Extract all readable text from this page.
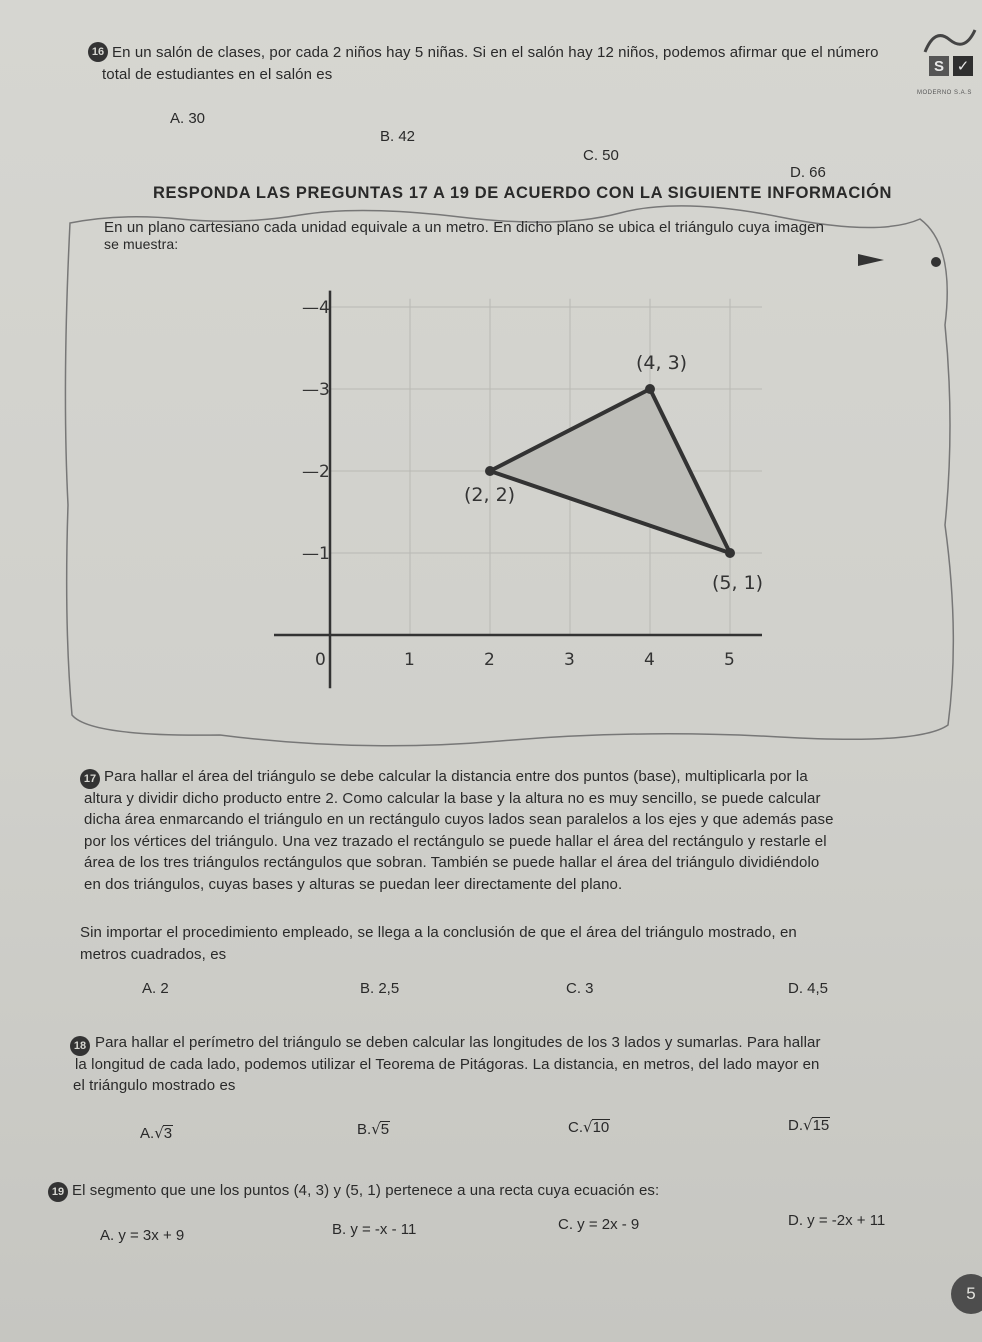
S ✓
MODERNO S.A.S
16 En un salón de clases, por cada 2 niños hay 5 niñas. Si en el salón hay 12 niños, podemos afirmar que el número
total de estudiantes en el salón es
A. 30
B. 42
C. 50
D. 66
RESPONDA LAS PREGUNTAS 17 A 19 DE ACUERDO CON LA SIGUIENTE INFORMACIÓN
En un plano cartesiano cada unidad equivale a un metro. En dicho plano se ubica el triángulo cuya imagen
se muestra:
0	1	2	3	4	5
—1
—2
—3
—4
(4, 3)
(2, 2)
(5, 1)
17 Para hallar el área del triángulo se debe calcular la distancia entre dos puntos (base), multiplicarla por la
altura y dividir dicho producto entre 2. Como calcular la base y la altura no es muy sencillo, se puede calcular
dicha área enmarcando el triángulo en un rectángulo cuyos lados sean paralelos a los ejes y que además pase
por los vértices del triángulo. Una vez trazado el rectángulo se puede hallar el área del rectángulo y restarle el
área de los tres triángulos rectángulos que sobran. También se puede hallar el área del triángulo dividiéndolo
en dos triángulos, cuyas bases y alturas se puedan leer directamente del plano.
Sin importar el procedimiento empleado, se llega a la conclusión de que el área del triángulo mostrado, en
metros cuadrados, es
A. 2	B. 2,5	C. 3	D. 4,5
18 Para hallar el perímetro del triángulo se deben calcular las longitudes de los 3 lados y sumarlas. Para hallar
la longitud de cada lado, podemos utilizar el Teorema de Pitágoras. La distancia, en metros, del lado mayor en
el triángulo mostrado es
A.√3	B.√5	C.√10	D.√15
19 El segmento que une los puntos (4, 3) y (5, 1) pertenece a una recta cuya ecuación es:
A. y = 3x + 9	B. y = -x - 11	C. y = 2x - 9	D. y = -2x + 11
5
